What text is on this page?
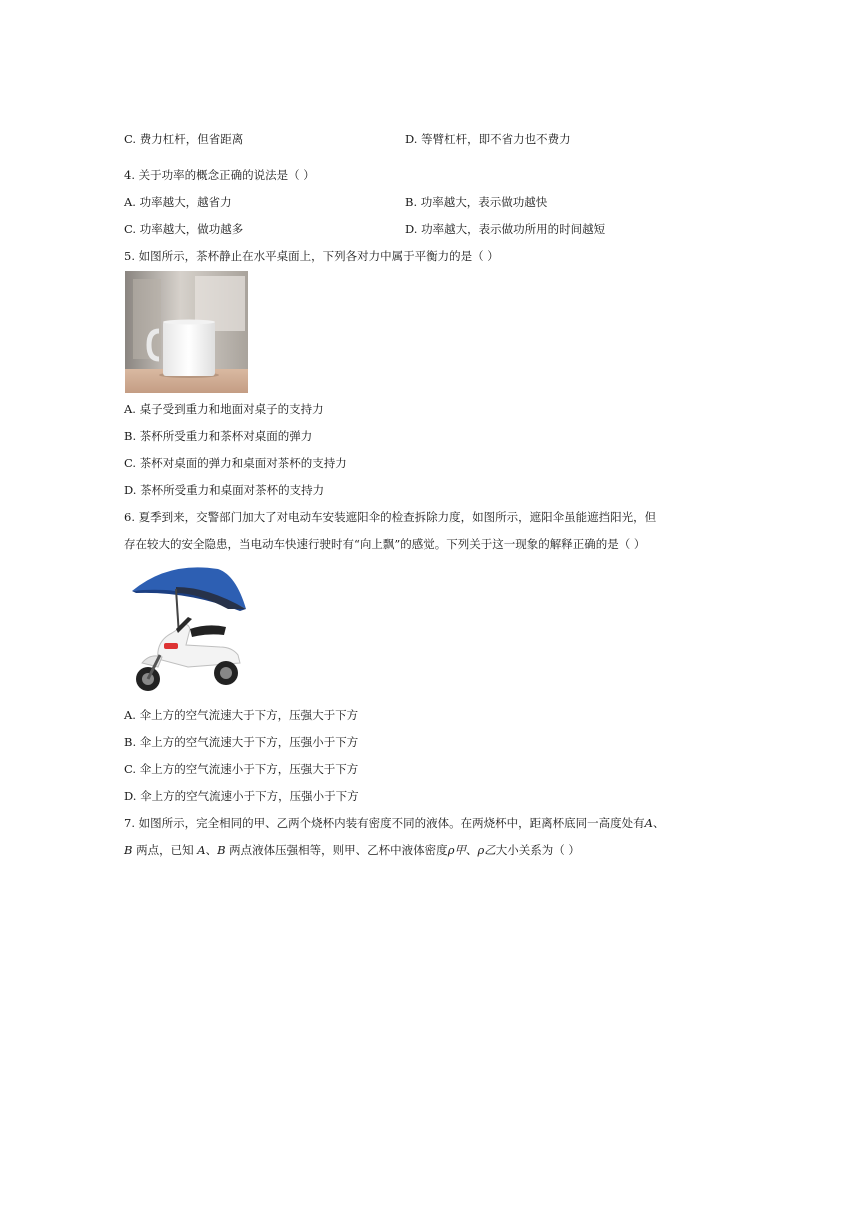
C. 费力杠杆，但省距离	D. 等臂杠杆，即不省力也不费力
4. 关于功率的概念正确的说法是（ ）
A. 功率越大，越省力	B. 功率越大，表示做功越快
C. 功率越大，做功越多	D. 功率越大，表示做功所用的时间越短
5. 如图所示，茶杯静止在水平桌面上，下列各对力中属于平衡力的是（ ）
A. 桌子受到重力和地面对桌子的支持力
B. 茶杯所受重力和茶杯对桌面的弹力
C. 茶杯对桌面的弹力和桌面对茶杯的支持力
D. 茶杯所受重力和桌面对茶杯的支持力
6. 夏季到来，交警部门加大了对电动车安装遮阳伞的检查拆除力度，如图所示，遮阳伞虽能遮挡阳光，但
存在较大的安全隐患，当电动车快速行驶时有“向上飘”的感觉。下列关于这一现象的解释正确的是（ ）
A. 伞上方的空气流速大于下方，压强大于下方
B. 伞上方的空气流速大于下方，压强小于下方
C. 伞上方的空气流速小于下方，压强大于下方
D. 伞上方的空气流速小于下方，压强小于下方
7. 如图所示，完全相同的甲、乙两个烧杯内装有密度不同的液体。在两烧杯中，距离杯底同一高度处有A、
B 两点，已知 A、B 两点液体压强相等，则甲、乙杯中液体密度ρ甲、ρ乙大小关系为（ ）
